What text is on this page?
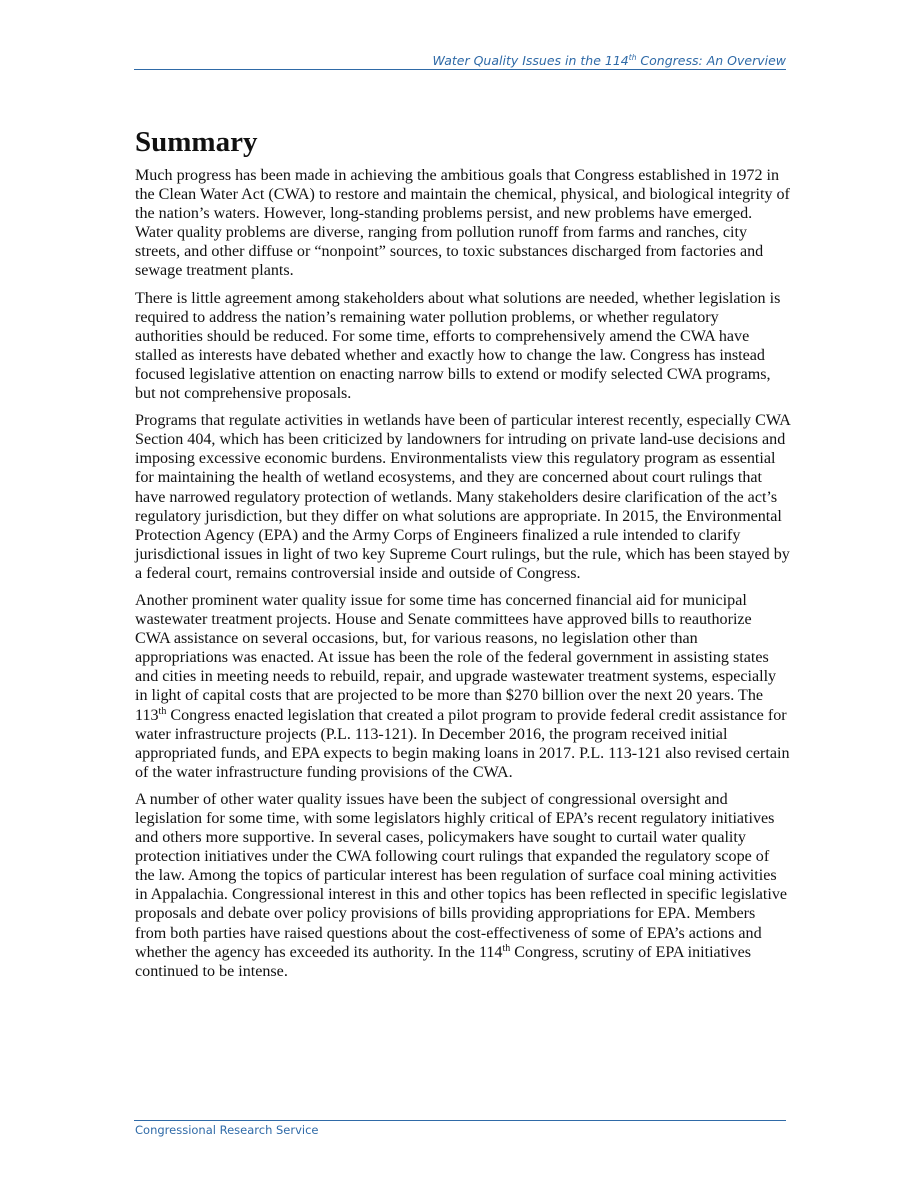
Water Quality Issues in the 114th Congress: An Overview
Summary

Much progress has been made in achieving the ambitious goals that Congress established in 1972 in the Clean Water Act (CWA) to restore and maintain the chemical, physical, and biological integrity of the nation’s waters. However, long-standing problems persist, and new problems have emerged. Water quality problems are diverse, ranging from pollution runoff from farms and ranches, city streets, and other diffuse or “nonpoint” sources, to toxic substances discharged from factories and sewage treatment plants.

There is little agreement among stakeholders about what solutions are needed, whether legislation is required to address the nation’s remaining water pollution problems, or whether regulatory authorities should be reduced. For some time, efforts to comprehensively amend the CWA have stalled as interests have debated whether and exactly how to change the law. Congress has instead focused legislative attention on enacting narrow bills to extend or modify selected CWA programs, but not comprehensive proposals.

Programs that regulate activities in wetlands have been of particular interest recently, especially CWA Section 404, which has been criticized by landowners for intruding on private land-use decisions and imposing excessive economic burdens. Environmentalists view this regulatory program as essential for maintaining the health of wetland ecosystems, and they are concerned about court rulings that have narrowed regulatory protection of wetlands. Many stakeholders desire clarification of the act’s regulatory jurisdiction, but they differ on what solutions are appropriate. In 2015, the Environmental Protection Agency (EPA) and the Army Corps of Engineers finalized a rule intended to clarify jurisdictional issues in light of two key Supreme Court rulings, but the rule, which has been stayed by a federal court, remains controversial inside and outside of Congress.

Another prominent water quality issue for some time has concerned financial aid for municipal wastewater treatment projects. House and Senate committees have approved bills to reauthorize CWA assistance on several occasions, but, for various reasons, no legislation other than appropriations was enacted. At issue has been the role of the federal government in assisting states and cities in meeting needs to rebuild, repair, and upgrade wastewater treatment systems, especially in light of capital costs that are projected to be more than $270 billion over the next 20 years. The 113th Congress enacted legislation that created a pilot program to provide federal credit assistance for water infrastructure projects (P.L. 113-121). In December 2016, the program received initial appropriated funds, and EPA expects to begin making loans in 2017. P.L. 113-121 also revised certain of the water infrastructure funding provisions of the CWA.

A number of other water quality issues have been the subject of congressional oversight and legislation for some time, with some legislators highly critical of EPA’s recent regulatory initiatives and others more supportive. In several cases, policymakers have sought to curtail water quality protection initiatives under the CWA following court rulings that expanded the regulatory scope of the law. Among the topics of particular interest has been regulation of surface coal mining activities in Appalachia. Congressional interest in this and other topics has been reflected in specific legislative proposals and debate over policy provisions of bills providing appropriations for EPA. Members from both parties have raised questions about the cost-effectiveness of some of EPA’s actions and whether the agency has exceeded its authority. In the 114th Congress, scrutiny of EPA initiatives continued to be intense.

Congressional Research Service
